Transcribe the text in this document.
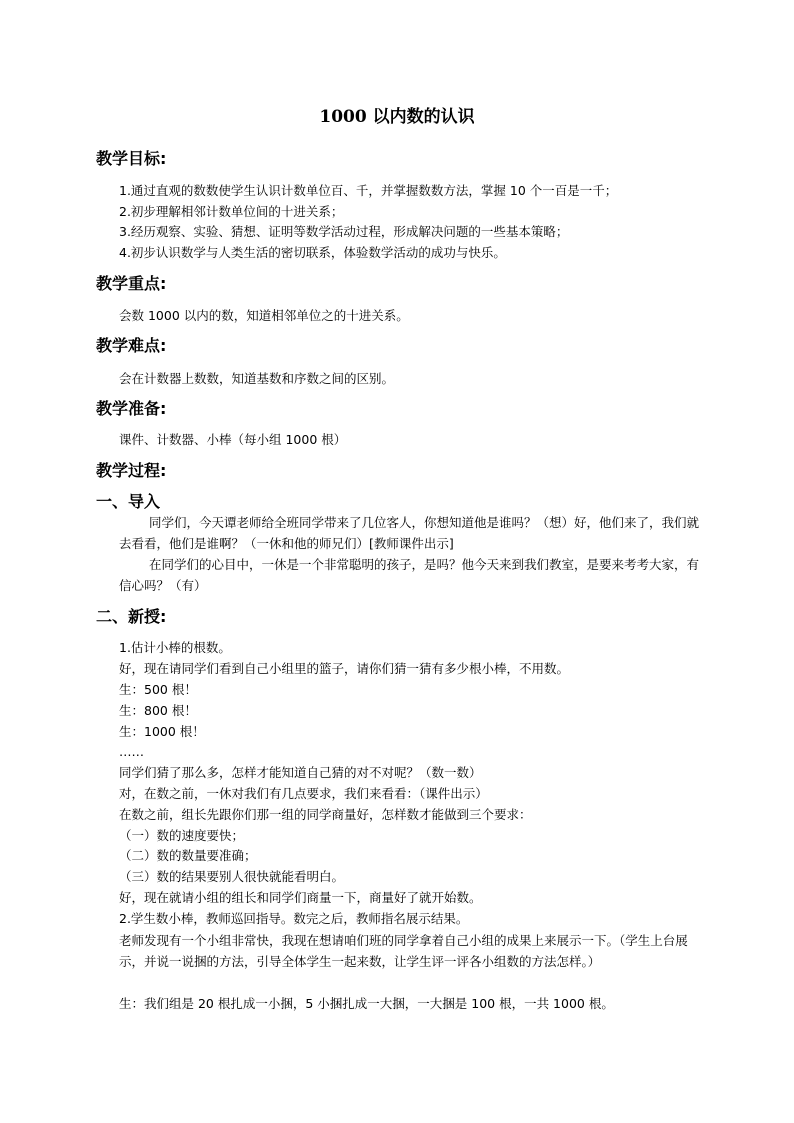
1000 以内数的认识
教学目标:
1.通过直观的数数使学生认识计数单位百、千，并掌握数数方法，掌握 10 个一百是一千；
2.初步理解相邻计数单位间的十进关系；
3.经历观察、实验、猜想、证明等数学活动过程，形成解决问题的一些基本策略；
4.初步认识数学与人类生活的密切联系，体验数学活动的成功与快乐。
教学重点:
会数 1000 以内的数，知道相邻单位之的十进关系。
教学难点:
会在计数器上数数，知道基数和序数之间的区别。
教学准备:
课件、计数器、小棒（每小组 1000 根）
教学过程:
一、导入
同学们，今天谭老师给全班同学带来了几位客人，你想知道他是谁吗？（想）好，他们来了，我们就去看看，他们是谁啊？（一休和他的师兄们）[教师课件出示]
在同学们的心目中，一休是一个非常聪明的孩子，是吗？他今天来到我们教室，是要来考考大家，有信心吗？（有）
二、新授:
1.估计小棒的根数。
好，现在请同学们看到自己小组里的篮子，请你们猜一猜有多少根小棒，不用数。
生：500 根！
生：800 根！
生：1000 根！
……
同学们猜了那么多，怎样才能知道自己猜的对不对呢？（数一数）
对，在数之前，一休对我们有几点要求，我们来看看：（课件出示）
在数之前，组长先跟你们那一组的同学商量好，怎样数才能做到三个要求：
（一）数的速度要快；
（二）数的数量要准确；
（三）数的结果要别人很快就能看明白。
好，现在就请小组的组长和同学们商量一下，商量好了就开始数。
2.学生数小棒，教师巡回指导。数完之后，教师指名展示结果。
老师发现有一个小组非常快，我现在想请咱们班的同学拿着自己小组的成果上来展示一下。（学生上台展示，并说一说捆的方法，引导全体学生一起来数，让学生评一评各小组数的方法怎样。）
生：我们组是 20 根扎成一小捆，5 小捆扎成一大捆，一大捆是 100 根，一共 1000 根。
